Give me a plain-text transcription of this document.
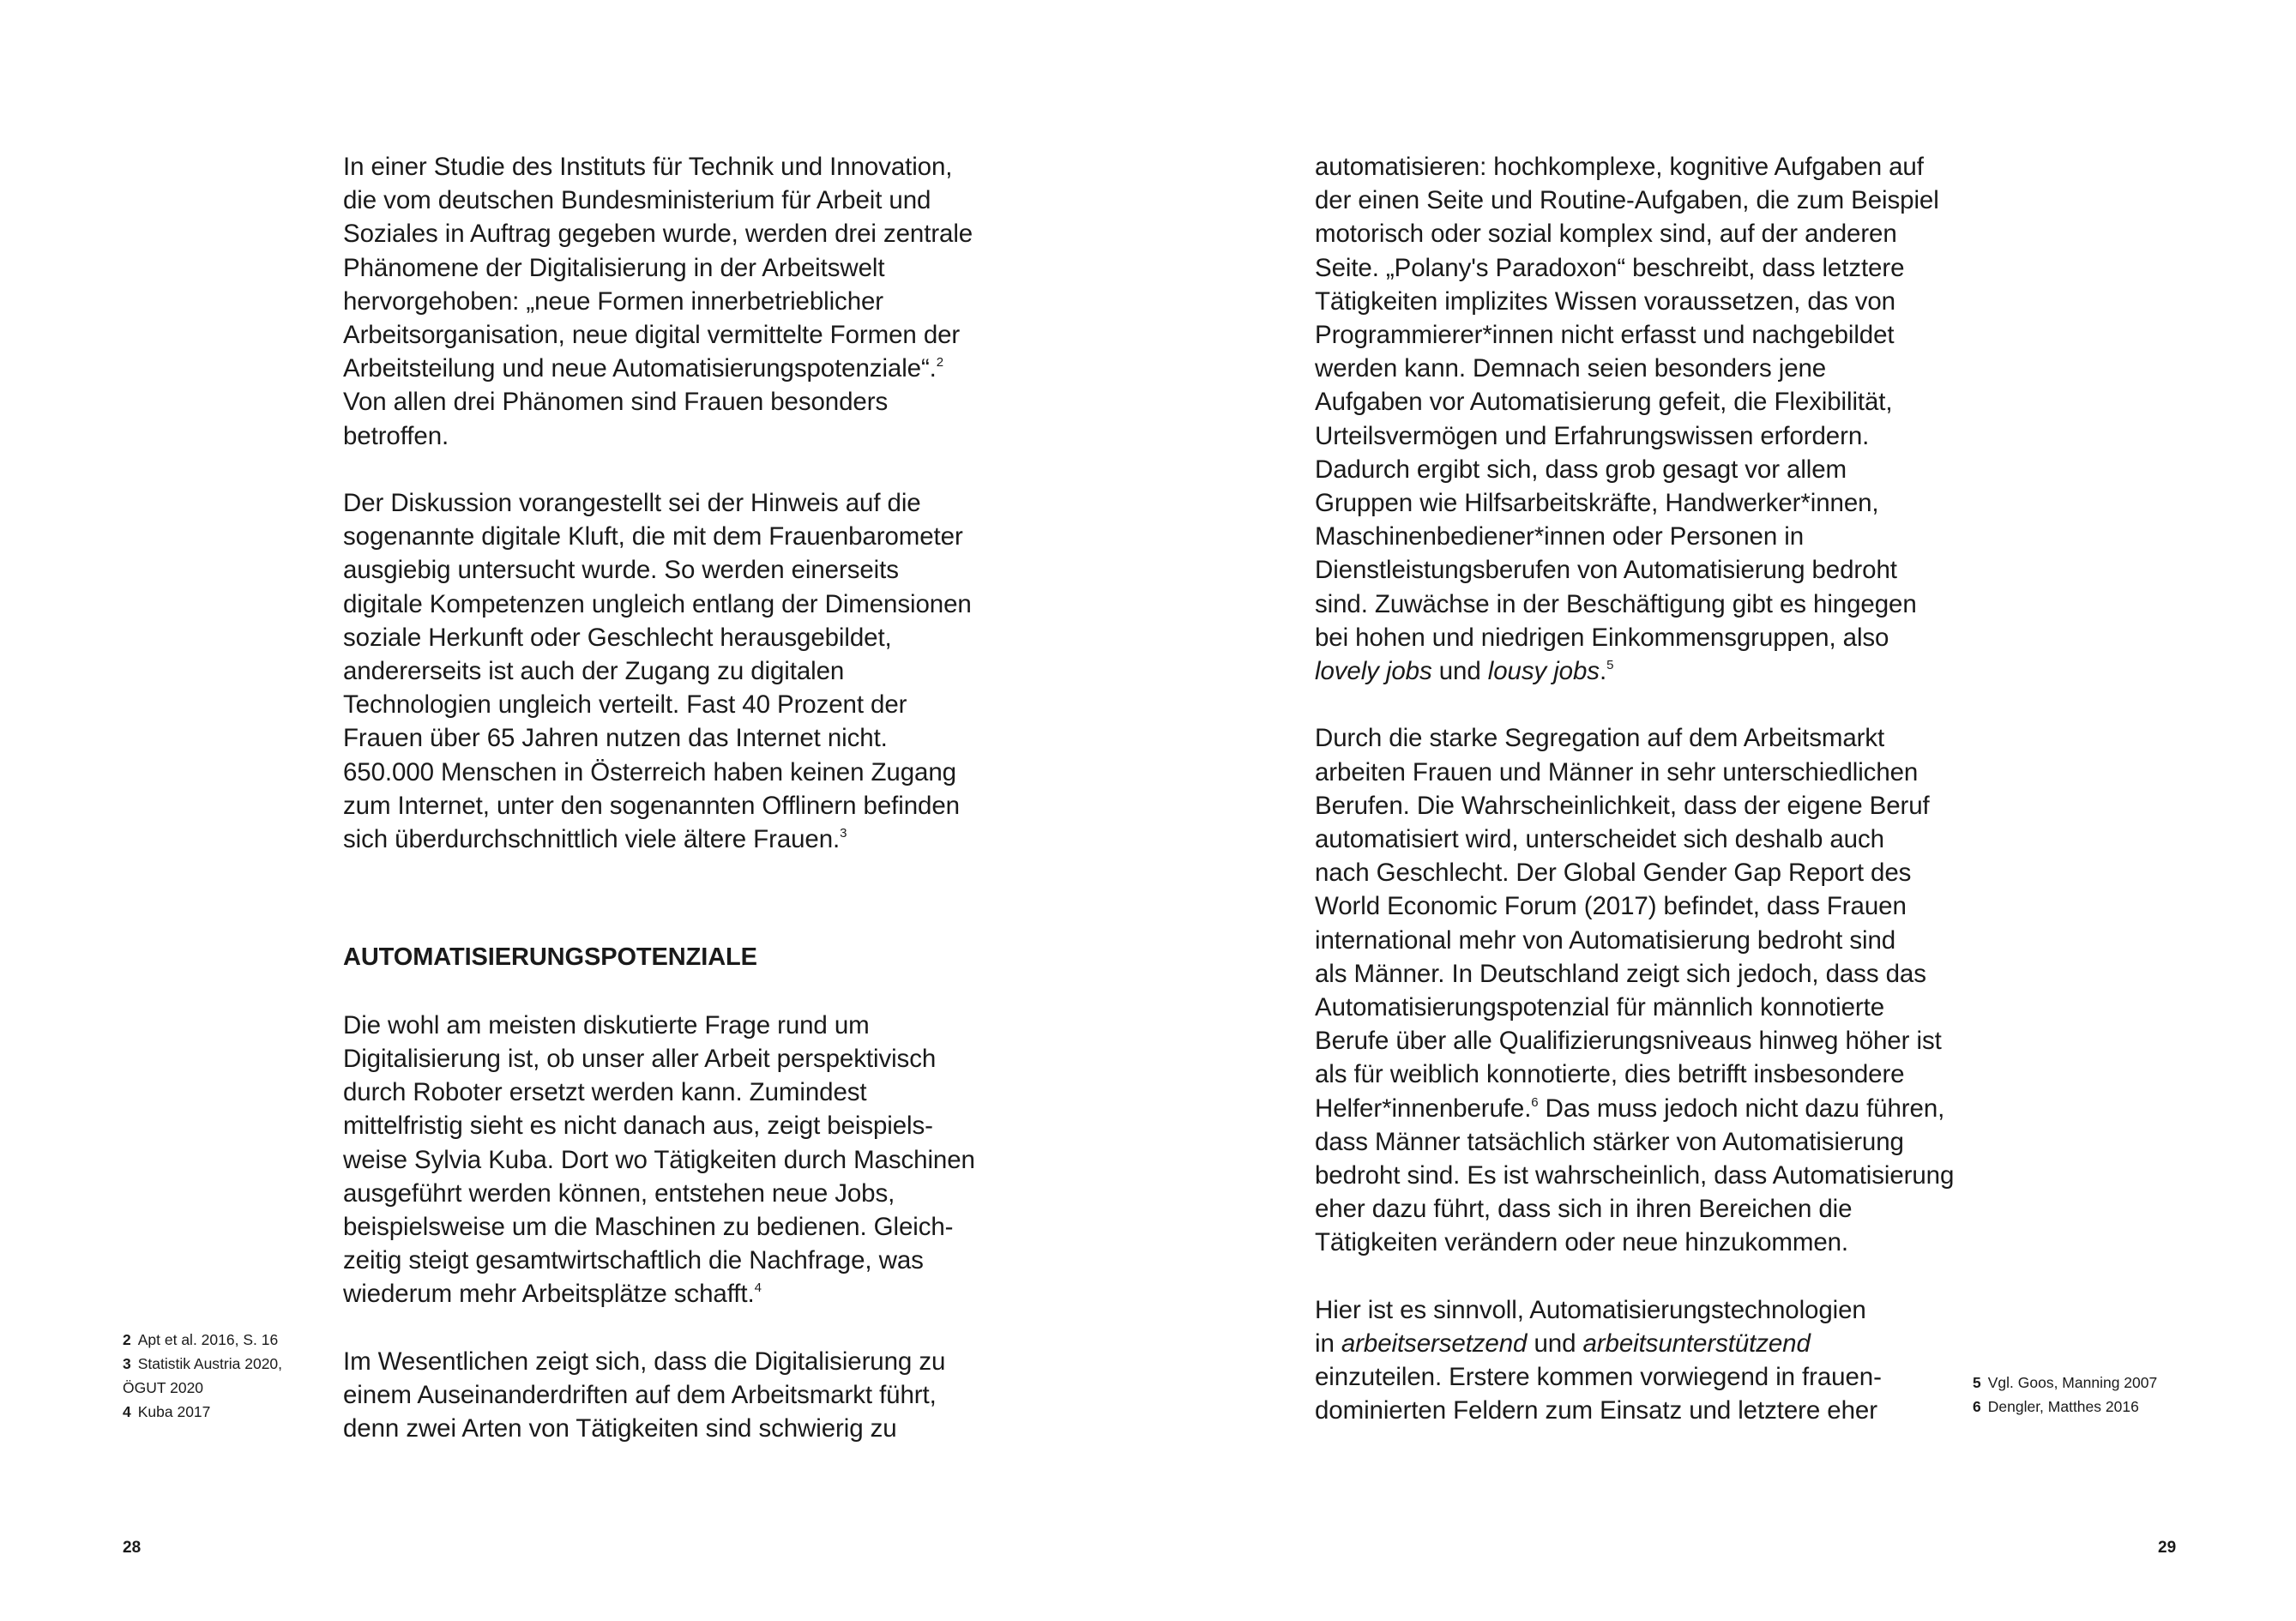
In einer Studie des Instituts für Technik und Innovation,
die vom deutschen Bundesministerium für Arbeit und
Soziales in Auftrag gegeben wurde, werden drei zentrale
Phänomene der Digitalisierung in der Arbeitswelt
hervorgehoben: „neue Formen innerbetrieblicher
Arbeitsorganisation, neue digital vermittelte Formen der
Arbeitsteilung und neue Automatisierungspotenziale“.$^2$
Von allen drei Phänomen sind Frauen besonders
betroffen.

Der Diskussion vorangestellt sei der Hinweis auf die
sogenannte digitale Kluft, die mit dem Frauenbarometer
ausgiebig untersucht wurde. So werden einerseits
digitale Kompetenzen ungleich entlang der Dimensionen
soziale Herkunft oder Geschlecht herausgebildet,
andererseits ist auch der Zugang zu digitalen
Technologien ungleich verteilt. Fast 40 Prozent der
Frauen über 65 Jahren nutzen das Internet nicht.
650.000 Menschen in Österreich haben keinen Zugang
zum Internet, unter den sogenannten Offlinern befinden
sich überdurchschnittlich viele ältere Frauen.$^3$

AUTOMATISIERUNGSPOTENZIALE

Die wohl am meisten diskutierte Frage rund um
Digitalisierung ist, ob unser aller Arbeit perspektivisch
durch Roboter ersetzt werden kann. Zumindest
mittelfristig sieht es nicht danach aus, zeigt beispiels-
weise Sylvia Kuba. Dort wo Tätigkeiten durch Maschinen
ausgeführt werden können, entstehen neue Jobs,
beispielsweise um die Maschinen zu bedienen. Gleich-
zeitig steigt gesamtwirtschaftlich die Nachfrage, was
wiederum mehr Arbeitsplätze schafft.$^4$

Im Wesentlichen zeigt sich, dass die Digitalisierung zu
einem Auseinanderdriften auf dem Arbeitsmarkt führt,
denn zwei Arten von Tätigkeiten sind schwierig zu

2 Apt et al. 2016, S. 16
3 Statistik Austria 2020,
ÖGUT 2020
4 Kuba 2017
28

automatisieren: hochkomplexe, kognitive Aufgaben auf
der einen Seite und Routine-Aufgaben, die zum Beispiel
motorisch oder sozial komplex sind, auf der anderen
Seite. „Polany's Paradoxon“ beschreibt, dass letztere
Tätigkeiten implizites Wissen voraussetzen, das von
Programmierer*innen nicht erfasst und nachgebildet
werden kann. Demnach seien besonders jene
Aufgaben vor Automatisierung gefeit, die Flexibilität,
Urteilsvermögen und Erfahrungswissen erfordern.
Dadurch ergibt sich, dass grob gesagt vor allem
Gruppen wie Hilfsarbeitskräfte, Handwerker*innen,
Maschinenbediener*innen oder Personen in
Dienstleistungsberufen von Automatisierung bedroht
sind. Zuwächse in der Beschäftigung gibt es hingegen
bei hohen und niedrigen Einkommensgruppen, also
lovely jobs und lousy jobs.$^5$

Durch die starke Segregation auf dem Arbeitsmarkt
arbeiten Frauen und Männer in sehr unterschiedlichen
Berufen. Die Wahrscheinlichkeit, dass der eigene Beruf
automatisiert wird, unterscheidet sich deshalb auch
nach Geschlecht. Der Global Gender Gap Report des
World Economic Forum (2017) befindet, dass Frauen
international mehr von Automatisierung bedroht sind
als Männer. In Deutschland zeigt sich jedoch, dass das
Automatisierungspotenzial für männlich konnotierte
Berufe über alle Qualifizierungsniveaus hinweg höher ist
als für weiblich konnotierte, dies betrifft insbesondere
Helfer*innenberufe.$^6$ Das muss jedoch nicht dazu führen,
dass Männer tatsächlich stärker von Automatisierung
bedroht sind. Es ist wahrscheinlich, dass Automatisierung
eher dazu führt, dass sich in ihren Bereichen die
Tätigkeiten verändern oder neue hinzukommen.

Hier ist es sinnvoll, Automatisierungstechnologien
in arbeitsersetzend und arbeitsunterstützend
einzuteilen. Erstere kommen vorwiegend in frauen-
dominierten Feldern zum Einsatz und letztere eher

5 Vgl. Goos, Manning 2007
6 Dengler, Matthes 2016
29
